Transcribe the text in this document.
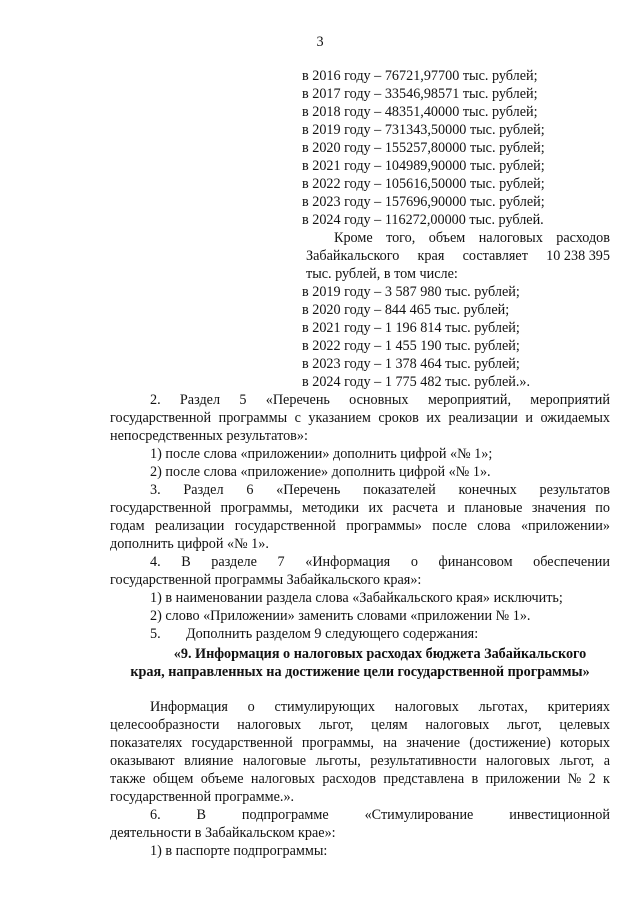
3
в 2016 году – 76721,97700 тыс. рублей;
в 2017 году – 33546,98571 тыс. рублей;
в 2018 году – 48351,40000 тыс. рублей;
в 2019 году – 731343,50000 тыс. рублей;
в 2020 году – 155257,80000 тыс. рублей;
в 2021 году – 104989,90000 тыс. рублей;
в 2022 году – 105616,50000 тыс. рублей;
в 2023 году – 157696,90000 тыс. рублей;
в 2024 году – 116272,00000 тыс. рублей.
Кроме того, объем налоговых расходов
Забайкальского края составляет 10 238 395
тыс. рублей, в том числе:
в 2019 году – 3 587 980 тыс. рублей;
в 2020 году – 844 465 тыс. рублей;
в 2021 году – 1 196 814 тыс. рублей;
в 2022 году – 1 455 190 тыс. рублей;
в 2023 году – 1 378 464 тыс. рублей;
в 2024 году – 1 775 482 тыс. рублей.».
2. Раздел 5 «Перечень основных мероприятий, мероприятий
государственной программы с указанием сроков их реализации и ожидаемых
непосредственных результатов»:
1) после слова «приложении» дополнить цифрой «№ 1»;
2) после слова «приложение» дополнить цифрой «№ 1».
3. Раздел 6 «Перечень показателей конечных результатов
государственной программы, методики их расчета и плановые значения по
годам реализации государственной программы» после слова «приложении»
дополнить цифрой «№ 1».
4. В разделе 7 «Информация о финансовом обеспечении
государственной программы Забайкальского края»:
1) в наименовании раздела слова «Забайкальского края» исключить;
2) слово «Приложении» заменить словами «приложении № 1».
5. Дополнить разделом 9 следующего содержания:
«9. Информация о налоговых расходах бюджета Забайкальского
края, направленных на достижение цели государственной программы»
Информация о стимулирующих налоговых льготах, критериях
целесообразности налоговых льгот, целям налоговых льгот, целевых
показателях государственной программы, на значение (достижение) которых
оказывают влияние налоговые льготы, результативности налоговых льгот, а
также общем объеме налоговых расходов представлена в приложении № 2 к
государственной программе.».
6.	В	подпрограмме	«Стимулирование	инвестиционной
деятельности в Забайкальском крае»:
1) в паспорте подпрограммы:
